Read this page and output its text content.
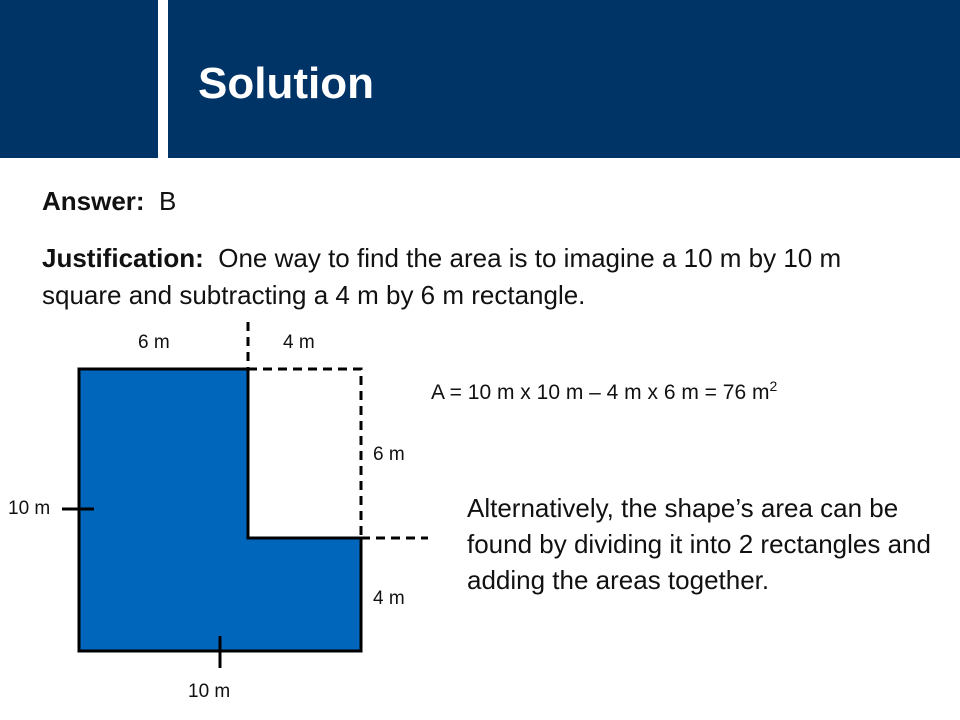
Solution
Answer: B
Justification: One way to find the area is to imagine a 10 m by 10 m square and subtracting a 4 m by 6 m rectangle.
6 m	4 m
6 m
4 m
10 m
10 m
A = 10 m x 10 m – 4 m x 6 m = 76 $m^2$
Alternatively, the shape’s area can be found by dividing it into 2 rectangles and adding the areas together.
